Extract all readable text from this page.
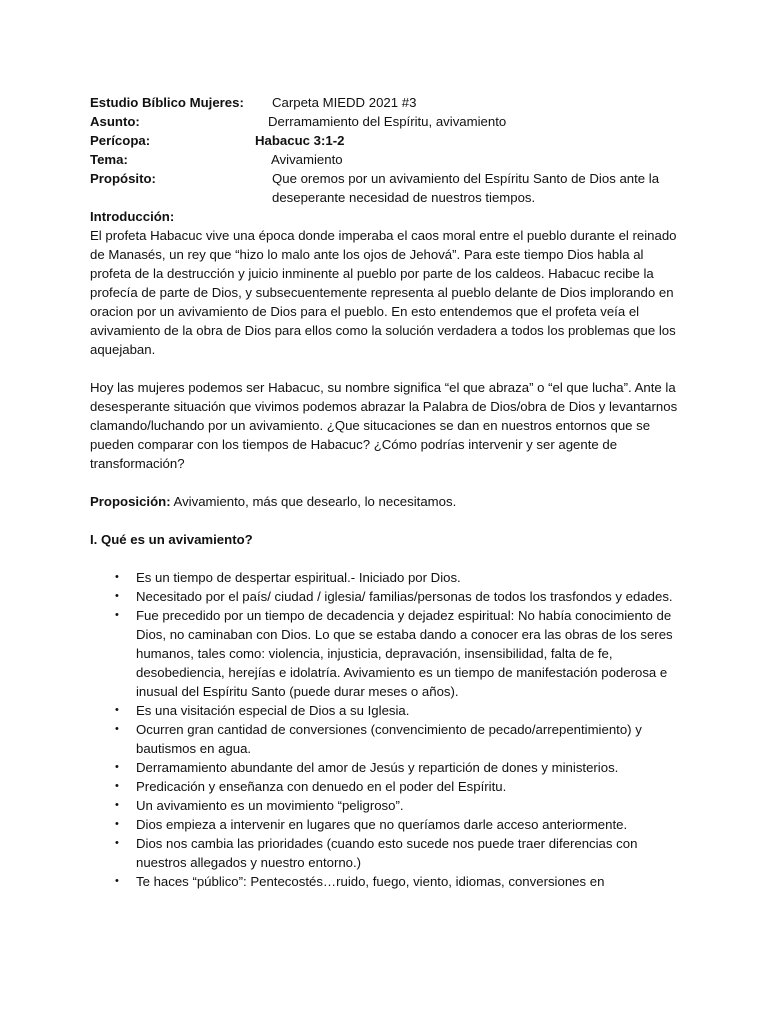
Estudio Bíblico Mujeres: Carpeta MIEDD 2021 #3
Asunto:	Derramamiento del Espíritu, avivamiento
Perícopa:	Habacuc 3:1-2
Tema:	Avivamiento
Propósito:	Que oremos por un avivamiento del Espíritu Santo de Dios ante la deseperante necesidad de nuestros tiempos.
Introducción:
El profeta Habacuc vive una época donde imperaba el caos moral entre el pueblo durante el reinado de Manasés, un rey que “hizo lo malo ante los ojos de Jehová”. Para este tiempo Dios habla al profeta de la destrucción y juicio inminente al pueblo por parte de los caldeos. Habacuc recibe la profecía de parte de Dios, y subsecuentemente representa al pueblo delante de Dios implorando en oracion por un avivamiento de Dios para el pueblo. En esto entendemos que el profeta veía el avivamiento de la obra de Dios para ellos como la solución verdadera a todos los problemas que los aquejaban.
Hoy las mujeres podemos ser Habacuc, su nombre significa “el que abraza” o “el que lucha”. Ante la desesperante situación que vivimos podemos abrazar la Palabra de Dios/obra de Dios y levantarnos clamando/luchando por un avivamiento. ¿Que situcaciones se dan en nuestros entornos que se pueden comparar con los tiempos de Habacuc? ¿Cómo podrías intervenir y ser agente de transformación?
Proposición: Avivamiento, más que desearlo, lo necesitamos.
I. Qué es un avivamiento?
• Es un tiempo de despertar espiritual.- Iniciado por Dios.
• Necesitado por el país/ ciudad / iglesia/ familias/personas de todos los trasfondos y edades.
• Fue precedido por un tiempo de decadencia y dejadez espiritual: No había conocimiento de Dios, no caminaban con Dios. Lo que se estaba dando a conocer era las obras de los seres humanos, tales como: violencia, injusticia, depravación, insensibilidad, falta de fe, desobediencia, herejías e idolatría. Avivamiento es un tiempo de manifestación poderosa e inusual del Espíritu Santo (puede durar meses o años).
• Es una visitación especial de Dios a su Iglesia.
• Ocurren gran cantidad de conversiones (convencimiento de pecado/arrepentimiento) y bautismos en agua.
• Derramamiento abundante del amor de Jesús y repartición de dones y ministerios.
• Predicación y enseñanza con denuedo en el poder del Espíritu.
• Un avivamiento es un movimiento “peligroso”.
• Dios empieza a intervenir en lugares que no queríamos darle acceso anteriormente.
• Dios nos cambia las prioridades (cuando esto sucede nos puede traer diferencias con nuestros allegados y nuestro entorno.)
• Te haces “público”: Pentecostés…ruido, fuego, viento, idiomas, conversiones en
